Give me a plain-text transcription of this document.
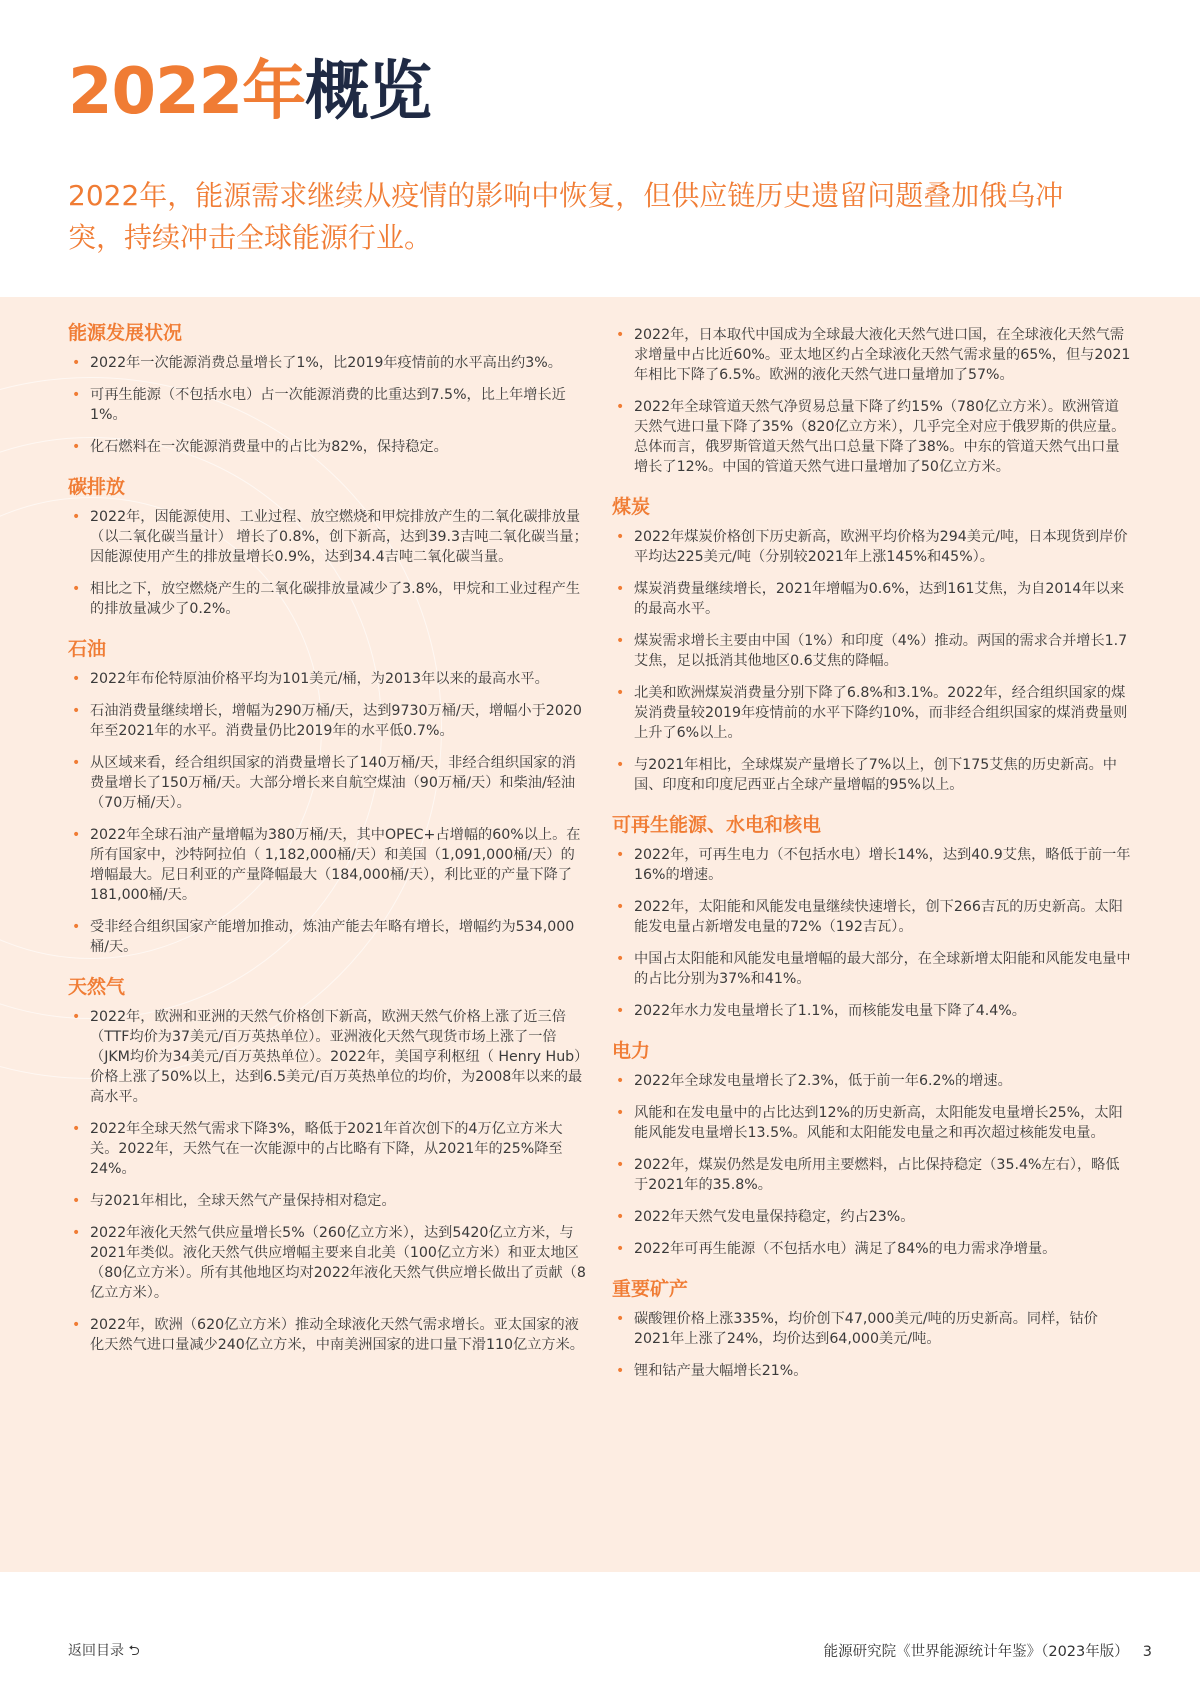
2022年概览

2022年，能源需求继续从疫情的影响中恢复，但供应链历史遗留问题叠加俄乌冲突，持续冲击全球能源行业。

能源发展状况
• 2022年一次能源消费总量增长了1%，比2019年疫情前的水平高出约3%。
• 可再生能源（不包括水电）占一次能源消费的比重达到7.5%，比上年增长近1%。
• 化石燃料在一次能源消费量中的占比为82%，保持稳定。
碳排放
• 2022年，因能源使用、工业过程、放空燃烧和甲烷排放产生的二氧化碳排放量（以二氧化碳当量计） 增长了0.8%，创下新高，达到39.3吉吨二氧化碳当量；因能源使用产生的排放量增长0.9%，达到34.4吉吨二氧化碳当量。
• 相比之下，放空燃烧产生的二氧化碳排放量减少了3.8%，甲烷和工业过程产生的排放量减少了0.2%。
石油
• 2022年布伦特原油价格平均为101美元/桶，为2013年以来的最高水平。
• 石油消费量继续增长，增幅为290万桶/天，达到9730万桶/天，增幅小于2020年至2021年的水平。消费量仍比2019年的水平低0.7%。
• 从区域来看，经合组织国家的消费量增长了140万桶/天，非经合组织国家的消费量增长了150万桶/天。大部分增长来自航空煤油（90万桶/天）和柴油/轻油（70万桶/天）。
• 2022年全球石油产量增幅为380万桶/天，其中OPEC+占增幅的60%以上。在所有国家中，沙特阿拉伯（ 1,182,000桶/天）和美国（1,091,000桶/天）的增幅最大。尼日利亚的产量降幅最大（184,000桶/天），利比亚的产量下降了181,000桶/天。
• 受非经合组织国家产能增加推动，炼油产能去年略有增长，增幅约为534,000桶/天。
天然气
• 2022年，欧洲和亚洲的天然气价格创下新高，欧洲天然气价格上涨了近三倍（TTF均价为37美元/百万英热单位）。亚洲液化天然气现货市场上涨了一倍（JKM均价为34美元/百万英热单位）。2022年，美国亨利枢纽（ Henry Hub）价格上涨了50%以上，达到6.5美元/百万英热单位的均价，为2008年以来的最高水平。
• 2022年全球天然气需求下降3%，略低于2021年首次创下的4万亿立方米大关。2022年，天然气在一次能源中的占比略有下降，从2021年的25%降至24%。
• 与2021年相比，全球天然气产量保持相对稳定。
• 2022年液化天然气供应量增长5%（260亿立方米），达到5420亿立方米，与2021年类似。液化天然气供应增幅主要来自北美（100亿立方米）和亚太地区（80亿立方米）。所有其他地区均对2022年液化天然气供应增长做出了贡献（8亿立方米）。
• 2022年，欧洲（620亿立方米）推动全球液化天然气需求增长。亚太国家的液化天然气进口量减少240亿立方米，中南美洲国家的进口量下滑110亿立方米。
• 2022年，日本取代中国成为全球最大液化天然气进口国，在全球液化天然气需求增量中占比近60%。亚太地区约占全球液化天然气需求量的65%，但与2021年相比下降了6.5%。欧洲的液化天然气进口量增加了57%。
• 2022年全球管道天然气净贸易总量下降了约15%（780亿立方米）。欧洲管道天然气进口量下降了35%（820亿立方米），几乎完全对应于俄罗斯的供应量。总体而言，俄罗斯管道天然气出口总量下降了38%。中东的管道天然气出口量增长了12%。中国的管道天然气进口量增加了50亿立方米。
煤炭
• 2022年煤炭价格创下历史新高，欧洲平均价格为294美元/吨，日本现货到岸价平均达225美元/吨（分别较2021年上涨145%和45%）。
• 煤炭消费量继续增长，2021年增幅为0.6%，达到161艾焦，为自2014年以来的最高水平。
• 煤炭需求增长主要由中国（1%）和印度（4%）推动。两国的需求合并增长1.7艾焦，足以抵消其他地区0.6艾焦的降幅。
• 北美和欧洲煤炭消费量分别下降了6.8%和3.1%。2022年，经合组织国家的煤炭消费量较2019年疫情前的水平下降约10%，而非经合组织国家的煤消费量则上升了6%以上。
• 与2021年相比，全球煤炭产量增长了7%以上，创下175艾焦的历史新高。中国、印度和印度尼西亚占全球产量增幅的95%以上。
可再生能源、水电和核电
• 2022年，可再生电力（不包括水电）增长14%，达到40.9艾焦，略低于前一年16%的增速。
• 2022年，太阳能和风能发电量继续快速增长，创下266吉瓦的历史新高。太阳能发电量占新增发电量的72%（192吉瓦）。
• 中国占太阳能和风能发电量增幅的最大部分，在全球新增太阳能和风能发电量中的占比分别为37%和41%。
• 2022年水力发电量增长了1.1%，而核能发电量下降了4.4%。
电力
• 2022年全球发电量增长了2.3%，低于前一年6.2%的增速。
• 风能和在发电量中的占比达到12%的历史新高，太阳能发电量增长25%，太阳能风能发电量增长13.5%。风能和太阳能发电量之和再次超过核能发电量。
• 2022年，煤炭仍然是发电所用主要燃料，占比保持稳定（35.4%左右），略低于2021年的35.8%。
• 2022年天然气发电量保持稳定，约占23%。
• 2022年可再生能源（不包括水电）满足了84%的电力需求净增量。
重要矿产
• 碳酸锂价格上涨335%，均价创下47,000美元/吨的历史新高。同样，钴价2021年上涨了24%，均价达到64,000美元/吨。
• 锂和钴产量大幅增长21%。
返回目录 ⮌	能源研究院《世界能源统计年鉴》（2023年版） 3
